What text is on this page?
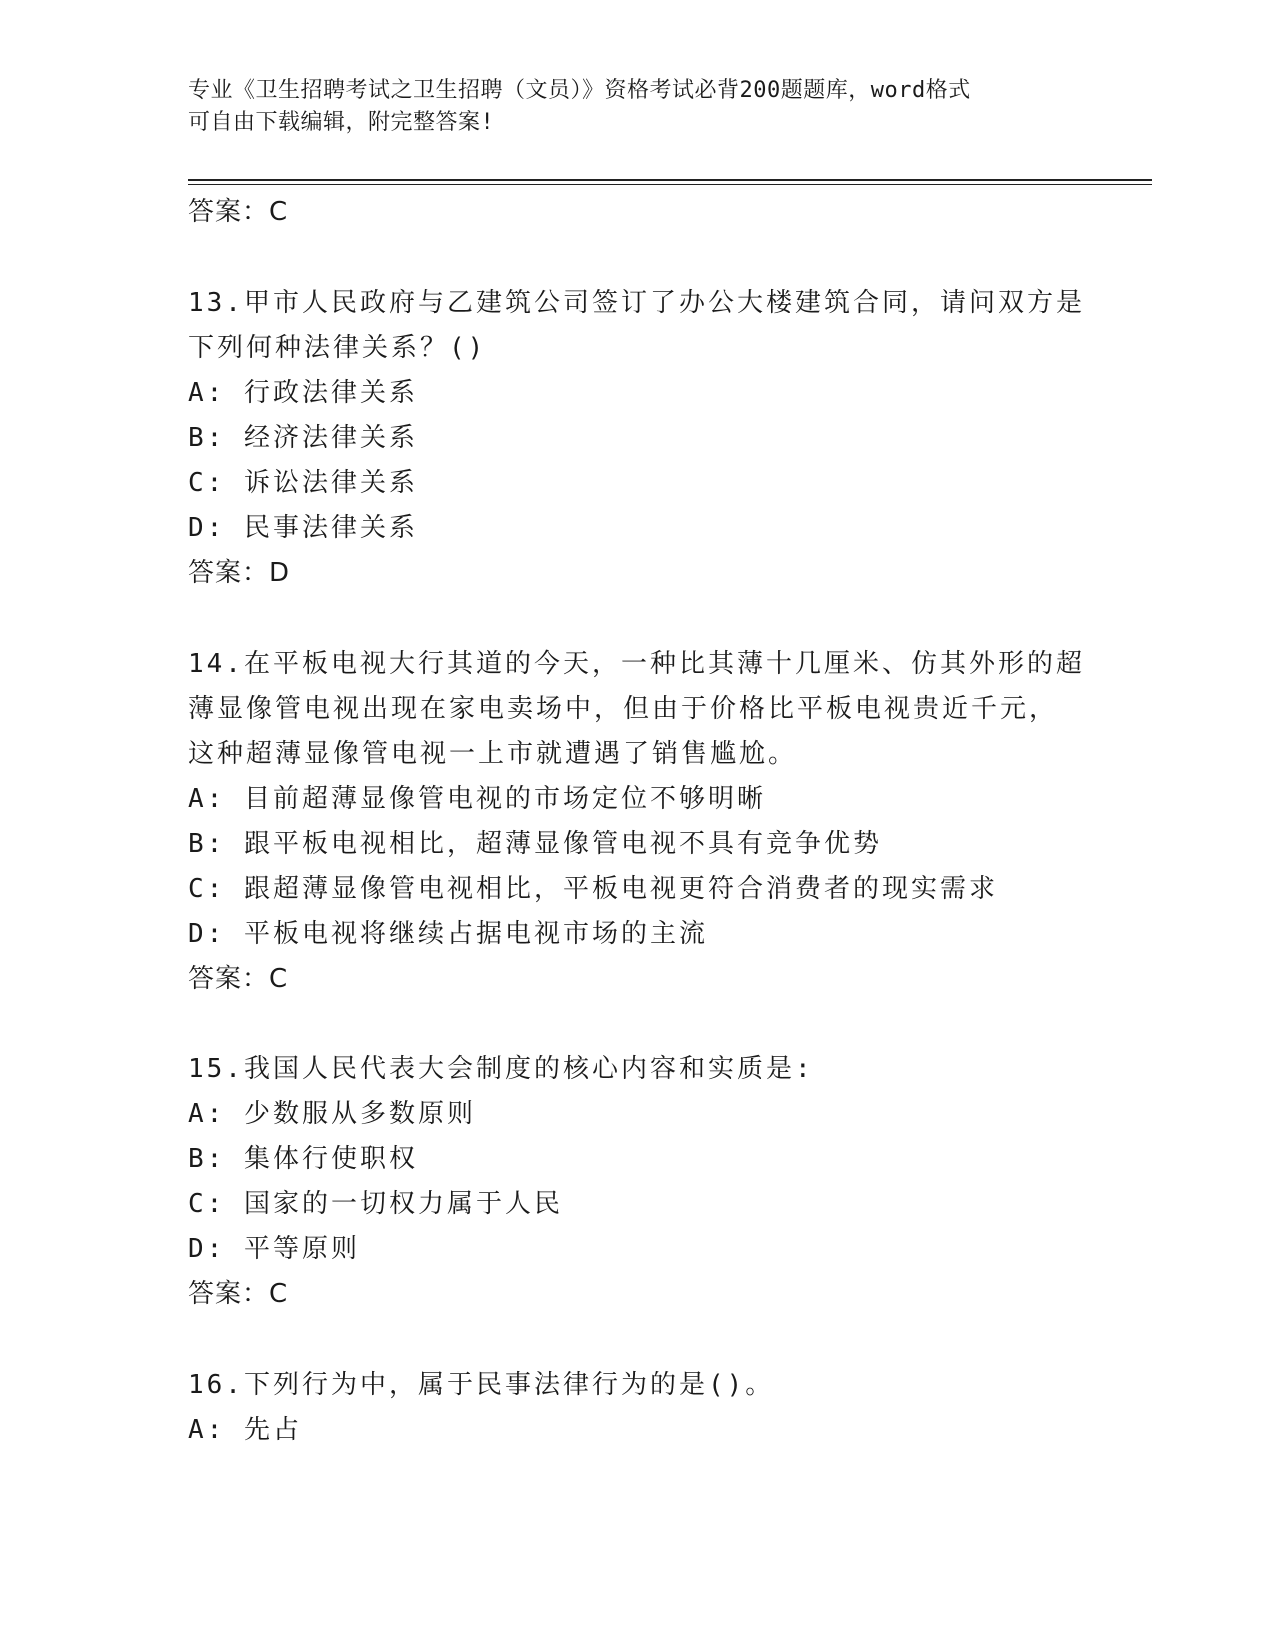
专业《卫生招聘考试之卫生招聘（文员）》资格考试必背200题题库，word格式
可自由下载编辑，附完整答案!
答案：C
13.甲市人民政府与乙建筑公司签订了办公大楼建筑合同，请问双方是
下列何种法律关系？()
A: 行政法律关系
B: 经济法律关系
C: 诉讼法律关系
D: 民事法律关系
答案：D
14.在平板电视大行其道的今天，一种比其薄十几厘米、仿其外形的超
薄显像管电视出现在家电卖场中，但由于价格比平板电视贵近千元，
这种超薄显像管电视一上市就遭遇了销售尴尬。
A: 目前超薄显像管电视的市场定位不够明晰
B: 跟平板电视相比，超薄显像管电视不具有竞争优势
C: 跟超薄显像管电视相比，平板电视更符合消费者的现实需求
D: 平板电视将继续占据电视市场的主流
答案：C
15.我国人民代表大会制度的核心内容和实质是:
A: 少数服从多数原则
B: 集体行使职权
C: 国家的一切权力属于人民
D: 平等原则
答案：C
16.下列行为中，属于民事法律行为的是()。
A: 先占
